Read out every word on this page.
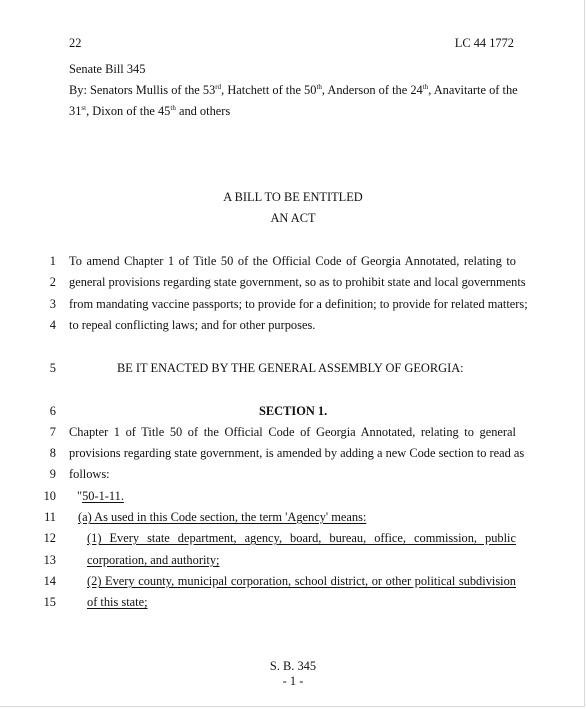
22	LC 44 1772
Senate Bill 345
By: Senators Mullis of the 53rd, Hatchett of the 50th, Anderson of the 24th, Anavitarte of the
31st, Dixon of the 45th and others
A BILL TO BE ENTITLED
AN ACT
1 To amend Chapter 1 of Title 50 of the Official Code of Georgia Annotated, relating to
2 general provisions regarding state government, so as to prohibit state and local governments
3 from mandating vaccine passports; to provide for a definition; to provide for related matters;
4 to repeal conflicting laws; and for other purposes.
5	BE IT ENACTED BY THE GENERAL ASSEMBLY OF GEORGIA:
6	SECTION 1.
7 Chapter 1 of Title 50 of the Official Code of Georgia Annotated, relating to general
8 provisions regarding state government, is amended by adding a new Code section to read as
9 follows:
10 "50-1-11.
11 (a) As used in this Code section, the term 'Agency' means:
12	(1) Every state department, agency, board, bureau, office, commission, public
13	corporation, and authority;
14	(2) Every county, municipal corporation, school district, or other political subdivision
15	of this state;
S. B. 345
- 1 -
